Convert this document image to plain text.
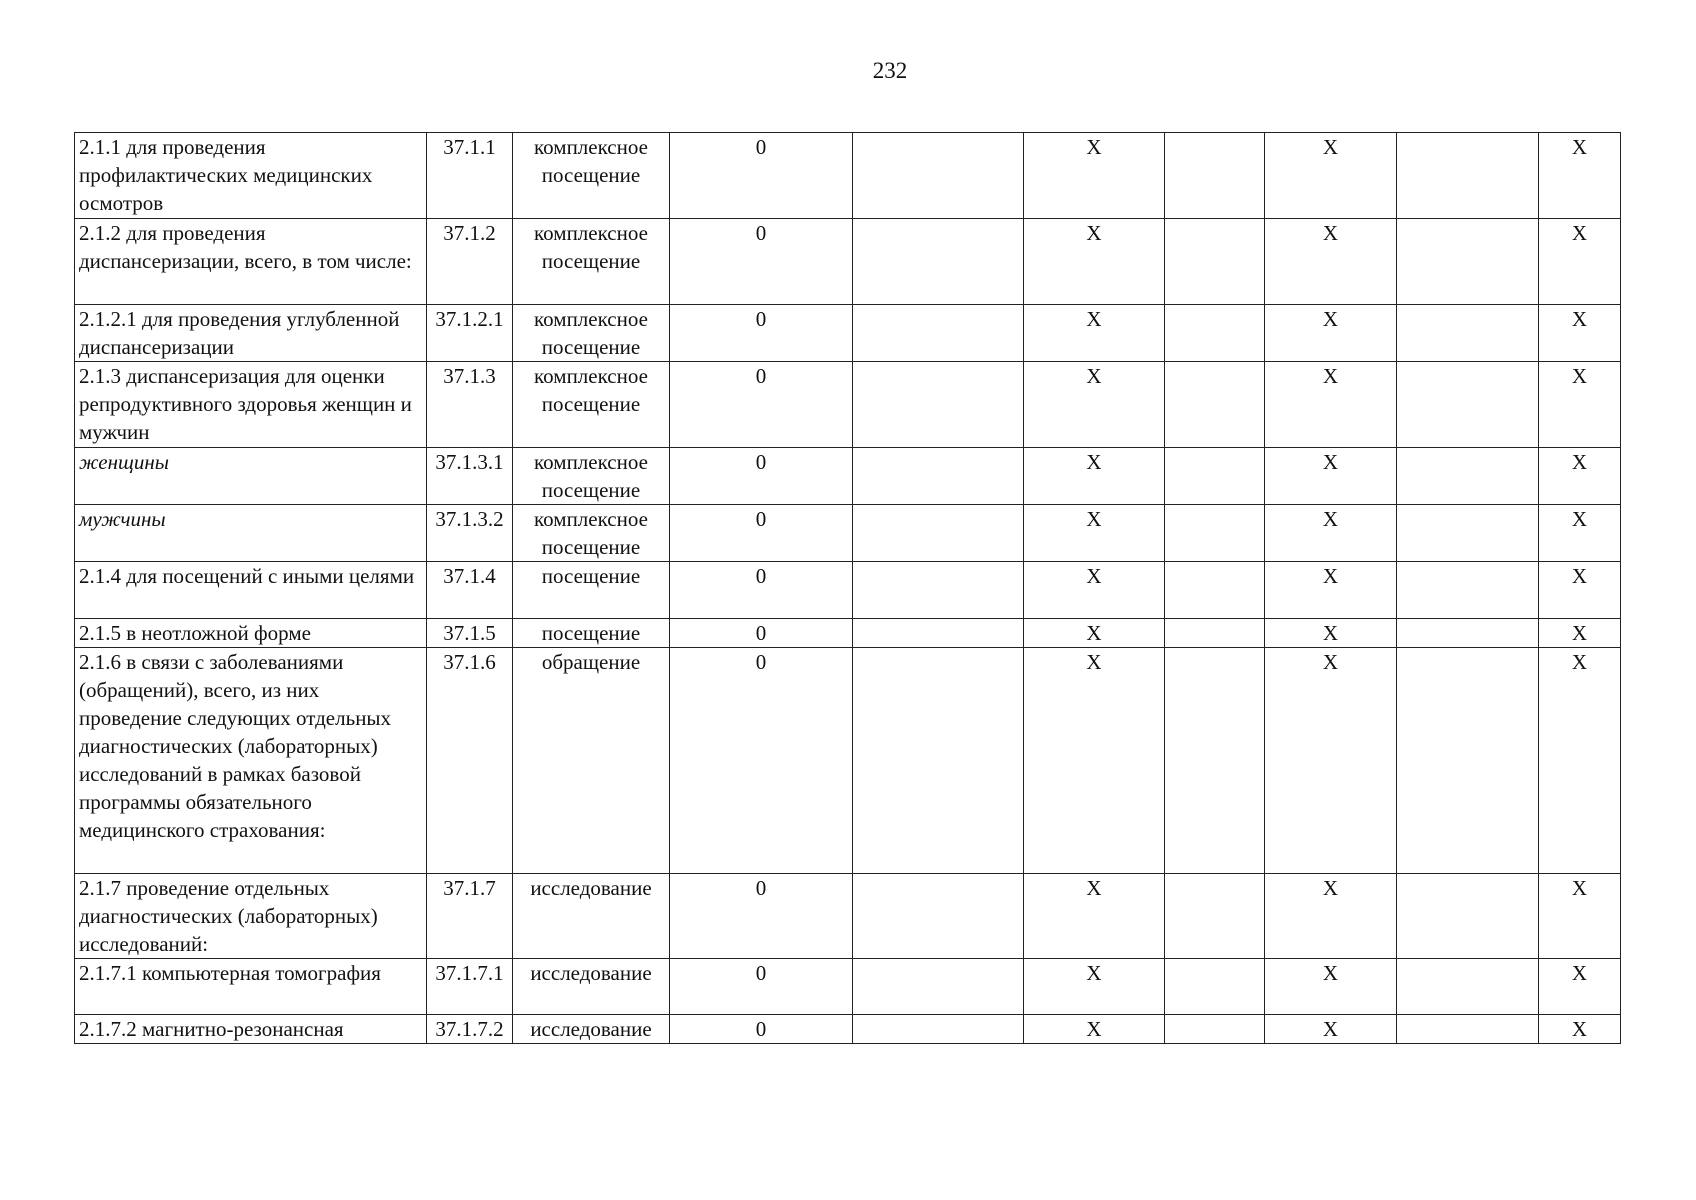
232
2.1.1 для проведения профилактических медицинских осмотров	37.1.1	комплексное посещение	0		X		X		X
2.1.2 для проведения диспансеризации, всего, в том числе:	37.1.2	комплексное посещение	0		X		X		X
2.1.2.1 для проведения углубленной диспансеризации	37.1.2.1	комплексное посещение	0		X		X		X
2.1.3 диспансеризация для оценки репродуктивного здоровья женщин и мужчин	37.1.3	комплексное посещение	0		X		X		X
женщины	37.1.3.1	комплексное посещение	0		X		X		X
мужчины	37.1.3.2	комплексное посещение	0		X		X		X
2.1.4 для посещений с иными целями	37.1.4	посещение	0		X		X		X
2.1.5 в неотложной форме	37.1.5	посещение	0		X		X		X
2.1.6 в связи с заболеваниями (обращений), всего, из них проведение следующих отдельных диагностических (лабораторных) исследований в рамках базовой программы обязательного медицинского страхования:	37.1.6	обращение	0		X		X		X
2.1.7 проведение отдельных диагностических (лабораторных) исследований:	37.1.7	исследование	0		X		X		X
2.1.7.1 компьютерная томография	37.1.7.1	исследование	0		X		X		X
2.1.7.2 магнитно-резонансная	37.1.7.2	исследование	0		X		X		X
